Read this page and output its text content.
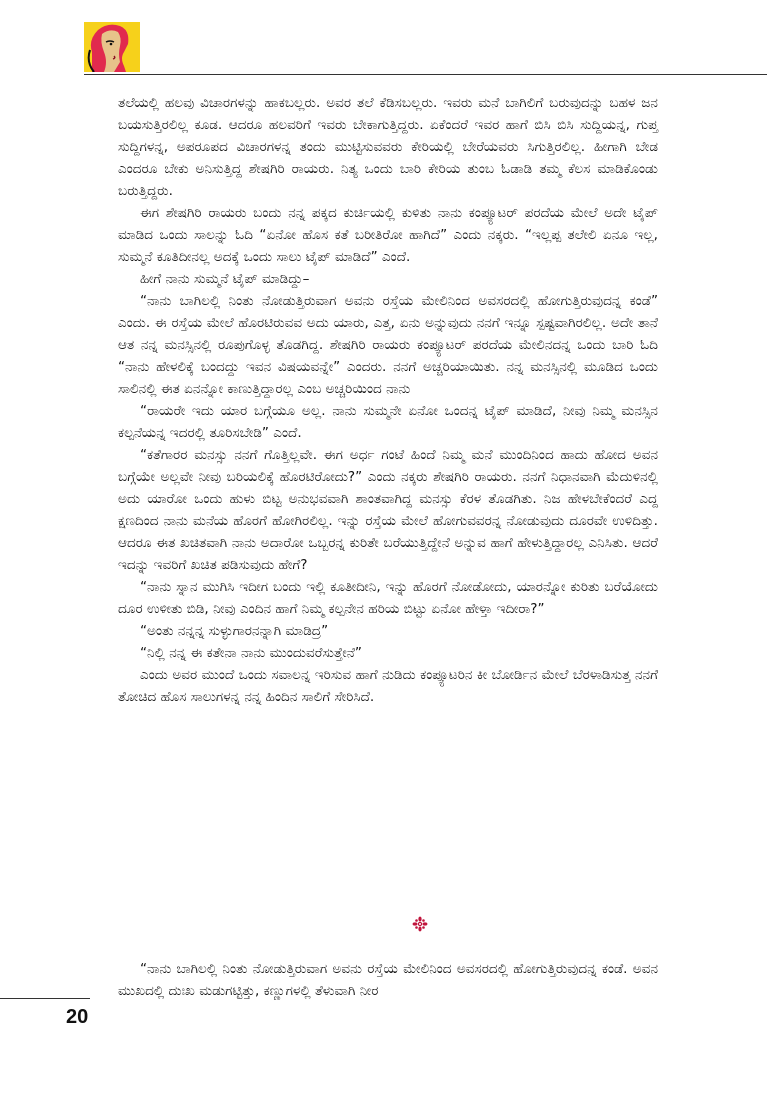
ತಲೆಯಲ್ಲಿ ಹಲವು ವಿಚಾರಗಳನ್ನು ಹಾಕಬಲ್ಲರು. ಅವರ ತಲೆ ಕೆಡಿಸಬಲ್ಲರು. ಇವರು ಮನೆ ಬಾಗಿಲಿಗೆ ಬರುವುದನ್ನು ಬಹಳ ಜನ ಬಯಸುತ್ತಿರಲಿಲ್ಲ ಕೂಡ. ಆದರೂ ಹಲವರಿಗೆ ಇವರು ಬೇಕಾಗುತ್ತಿದ್ದರು. ಏಕೆಂದರೆ ಇವರ ಹಾಗೆ ಬಿಸಿ ಬಿಸಿ ಸುದ್ದಿಯನ್ನ, ಗುಪ್ತ ಸುದ್ದಿಗಳನ್ನ, ಅಪರೂಪದ ವಿಚಾರಗಳನ್ನ ತಂದು ಮುಟ್ಟಿಸುವವರು ಕೇರಿಯಲ್ಲಿ ಬೇರೆಯವರು ಸಿಗುತ್ತಿರಲಿಲ್ಲ. ಹೀಗಾಗಿ ಬೇಡ ಎಂದರೂ ಬೇಕು ಅನಿಸುತ್ತಿದ್ದ ಶೇಷಗಿರಿ ರಾಯರು. ನಿತ್ಯ ಒಂದು ಬಾರಿ ಕೇರಿಯ ತುಂಬ ಓಡಾಡಿ ತಮ್ಮ ಕೆಲಸ ಮಾಡಿಕೊಂಡು ಬರುತ್ತಿದ್ದರು.

ಈಗ ಶೇಷಗಿರಿ ರಾಯರು ಬಂದು ನನ್ನ ಪಕ್ಕದ ಕುರ್ಚಿಯಲ್ಲಿ ಕುಳಿತು ನಾನು ಕಂಪ್ಯೂಟರ್ ಪರದೆಯ ಮೇಲೆ ಅದೇ ಟೈಪ್ ಮಾಡಿದ ಒಂದು ಸಾಲನ್ನು ಓದಿ “ಏನೋ ಹೊಸ ಕತೆ ಬರೀತಿರೋ ಹಾಗಿದೆ” ಎಂದು ನಕ್ಕರು. “ಇಲ್ಲಪ್ಪ ತಲೇಲಿ ಏನೂ ಇಲ್ಲ, ಸುಮ್ಮನೆ ಕೂತಿದೀನಲ್ಲ ಅದಕ್ಕೆ ಒಂದು ಸಾಲು ಟೈಪ್ ಮಾಡಿದೆ” ಎಂದೆ.

ಹೀಗೆ ನಾನು ಸುಮ್ಮನೆ ಟೈಪ್ ಮಾಡಿದ್ದು–

“ನಾನು ಬಾಗಿಲಲ್ಲಿ ನಿಂತು ನೋಡುತ್ತಿರುವಾಗ ಅವನು ರಸ್ತೆಯ ಮೇಲಿನಿಂದ ಅವಸರದಲ್ಲಿ ಹೋಗುತ್ತಿರುವುದನ್ನ ಕಂಡೆ” ಎಂದು. ಈ ರಸ್ತೆಯ ಮೇಲೆ ಹೊರಟಿರುವವ ಅದು ಯಾರು, ಎತ್ತ, ಏನು ಅನ್ನುವುದು ನನಗೆ ಇನ್ನೂ ಸ್ಪಷ್ಟವಾಗಿರಲಿಲ್ಲ. ಅದೇ ತಾನೆ ಆತ ನನ್ನ ಮನಸ್ಸಿನಲ್ಲಿ ರೂಪುಗೊಳ್ಳ ತೊಡಗಿದ್ದ. ಶೇಷಗಿರಿ ರಾಯರು ಕಂಪ್ಯೂಟರ್ ಪರದೆಯ ಮೇಲಿನದನ್ನ ಒಂದು ಬಾರಿ ಓದಿ “ನಾನು ಹೇಳಲಿಕ್ಕೆ ಬಂದದ್ದು ಇವನ ವಿಷಯವನ್ನೇ” ಎಂದರು. ನನಗೆ ಅಚ್ಚರಿಯಾಯಿತು. ನನ್ನ ಮನಸ್ಸಿನಲ್ಲಿ ಮೂಡಿದ ಒಂದು ಸಾಲಿನಲ್ಲಿ ಈತ ಏನನ್ನೋ ಕಾಣುತ್ತಿದ್ದಾರಲ್ಲ ಎಂಬ ಅಚ್ಚರಿಯಿಂದ ನಾನು

“ರಾಯರೇ ಇದು ಯಾರ ಬಗ್ಗೆಯೂ ಅಲ್ಲ. ನಾನು ಸುಮ್ಮನೇ ಏನೋ ಒಂದನ್ನ ಟೈಪ್ ಮಾಡಿದೆ, ನೀವು ನಿಮ್ಮ ಮನಸ್ಸಿನ ಕಲ್ಪನೆಯನ್ನ ಇದರಲ್ಲಿ ತೂರಿಸಬೇಡಿ” ಎಂದೆ.

“ಕತೆಗಾರರ ಮನಸ್ಸು ನನಗೆ ಗೊತ್ತಿಲ್ಲವೇ. ಈಗ ಅರ್ಧ ಗಂಟೆ ಹಿಂದೆ ನಿಮ್ಮ ಮನೆ ಮುಂದಿನಿಂದ ಹಾದು ಹೋದ ಅವನ ಬಗ್ಗೆಯೇ ಅಲ್ಲವೇ ನೀವು ಬರಿಯಲಿಕ್ಕೆ ಹೊರಟಿರೋದು?” ಎಂದು ನಕ್ಕರು ಶೇಷಗಿರಿ ರಾಯರು. ನನಗೆ ನಿಧಾನವಾಗಿ ಮೆದುಳಿನಲ್ಲಿ ಅದು ಯಾರೋ ಒಂದು ಹುಳು ಬಿಟ್ಟ ಅನುಭವವಾಗಿ ಶಾಂತವಾಗಿದ್ದ ಮನಸ್ಸು ಕೆರಳ ತೊಡಗಿತು. ನಿಜ ಹೇಳಬೇಕೆಂದರೆ ಎದ್ದ ಕ್ಷಣದಿಂದ ನಾನು ಮನೆಯ ಹೊರಗೆ ಹೋಗಿರಲಿಲ್ಲ. ಇನ್ನು ರಸ್ತೆಯ ಮೇಲೆ ಹೋಗುವವರನ್ನ ನೋಡುವುದು ದೂರವೇ ಉಳಿದಿತ್ತು. ಆದರೂ ಈತ ಖಚಿತವಾಗಿ ನಾನು ಅದಾರೋ ಒಬ್ಬರನ್ನ ಕುರಿತೇ ಬರೆಯುತ್ತಿದ್ದೇನೆ ಅನ್ನುವ ಹಾಗೆ ಹೇಳುತ್ತಿದ್ದಾರಲ್ಲ ಎನಿಸಿತು. ಆದರೆ ಇದನ್ನು ಇವರಿಗೆ ಖಚಿತ ಪಡಿಸುವುದು ಹೇಗೆ?

“ನಾನು ಸ್ನಾನ ಮುಗಿಸಿ ಇದೀಗ ಬಂದು ಇಲ್ಲಿ ಕೂತೀದೀನಿ, ಇನ್ನು ಹೊರಗೆ ನೋಡೋದು, ಯಾರನ್ನೋ ಕುರಿತು ಬರೆಯೋದು ದೂರ ಉಳೀತು ಬಿಡಿ, ನೀವು ಎಂದಿನ ಹಾಗೆ ನಿಮ್ಮ ಕಲ್ಪನೇನ ಹರಿಯ ಬಿಟ್ಟು ಏನೋ ಹೇಳ್ತಾ ಇದೀರಾ?”

“ಅಂತು ನನ್ನನ್ನ ಸುಳ್ಳುಗಾರನನ್ನಾಗಿ ಮಾಡಿದ್ರ”

“ನಿಲ್ಲಿ ನನ್ನ ಈ ಕತೇನಾ ನಾನು ಮುಂದುವರೆಸುತ್ತೇನೆ”

ಎಂದು ಅವರ ಮುಂದೆ ಒಂದು ಸವಾಲನ್ನ ಇರಿಸುವ ಹಾಗೆ ನುಡಿದು ಕಂಪ್ಯೂಟರಿನ ಕೀ ಬೋರ್ಡಿನ ಮೇಲೆ ಬೆರಳಾಡಿಸುತ್ತ ನನಗೆ ತೋಚಿದ ಹೊಸ ಸಾಲುಗಳನ್ನ ನನ್ನ ಹಿಂದಿನ ಸಾಲಿಗೆ ಸೇರಿಸಿದೆ.

“ನಾನು ಬಾಗಿಲಲ್ಲಿ ನಿಂತು ನೋಡುತ್ತಿರುವಾಗ ಅವನು ರಸ್ತೆಯ ಮೇಲಿನಿಂದ ಅವಸರದಲ್ಲಿ ಹೋಗುತ್ತಿರುವುದನ್ನ ಕಂಡೆ. ಅವನ ಮುಖದಲ್ಲಿ ದುಃಖ ಮಡುಗಟ್ಟಿತ್ತು, ಕಣ್ಣುಗಳಲ್ಲಿ ತೆಳುವಾಗಿ ನೀರ

20
